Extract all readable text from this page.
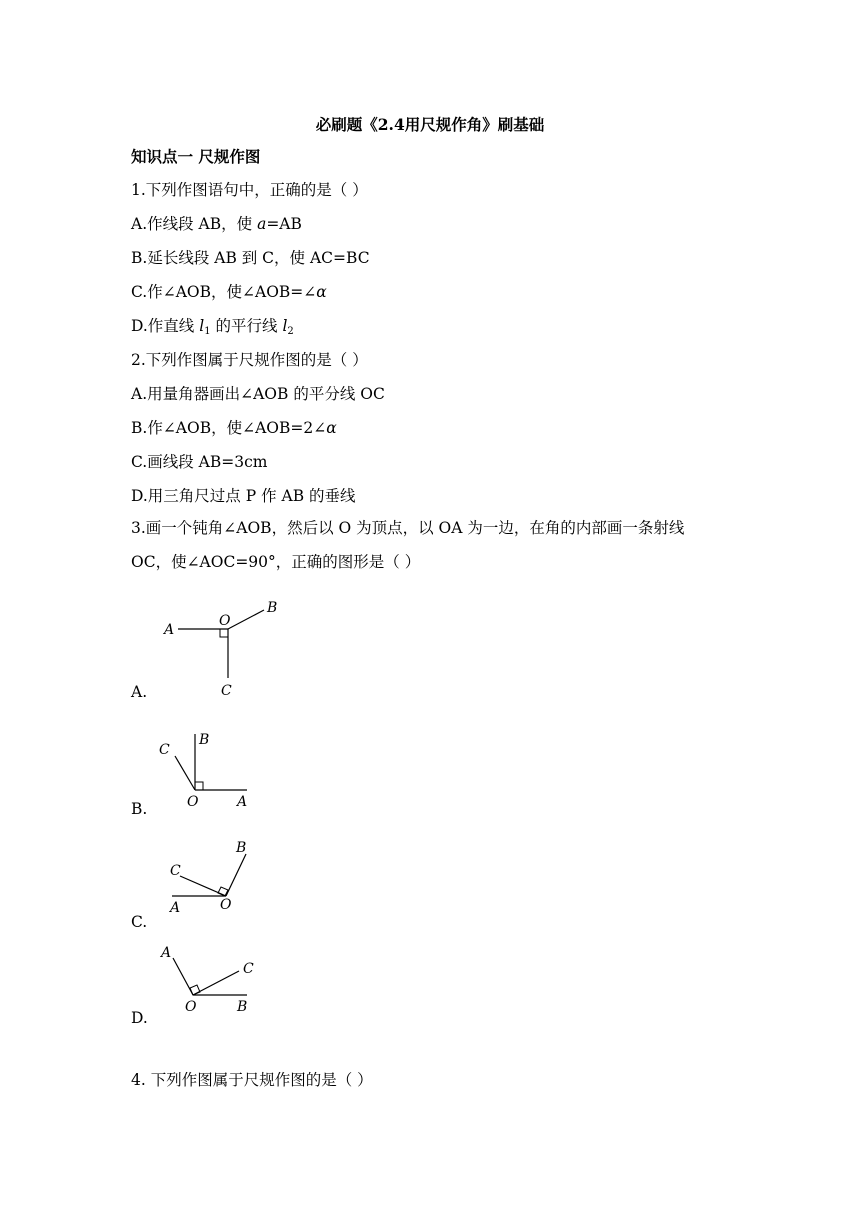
必刷题《2.4用尺规作角》刷基础
知识点一 尺规作图
1.下列作图语句中，正确的是（ ）
A.作线段 AB，使 a=AB
B.延长线段 AB 到 C，使 AC=BC
C.作∠AOB，使∠AOB=∠α
D.作直线 $l_1$ 的平行线 $l_2$
2.下列作图属于尺规作图的是（ ）
A.用量角器画出∠AOB 的平分线 OC
B.作∠AOB，使∠AOB=2∠α
C.画线段 AB=3cm
D.用三角尺过点 P 作 AB 的垂线
3.画一个钝角∠AOB，然后以 O 为顶点，以 OA 为一边，在角的内部画一条射线
OC，使∠AOC=90°，正确的图形是（ ）
A
O
B
C
A.
C
B
O	A
B.
C
B
A	O
C.
A
C
O	B
D.
4. 下列作图属于尺规作图的是（ ）
